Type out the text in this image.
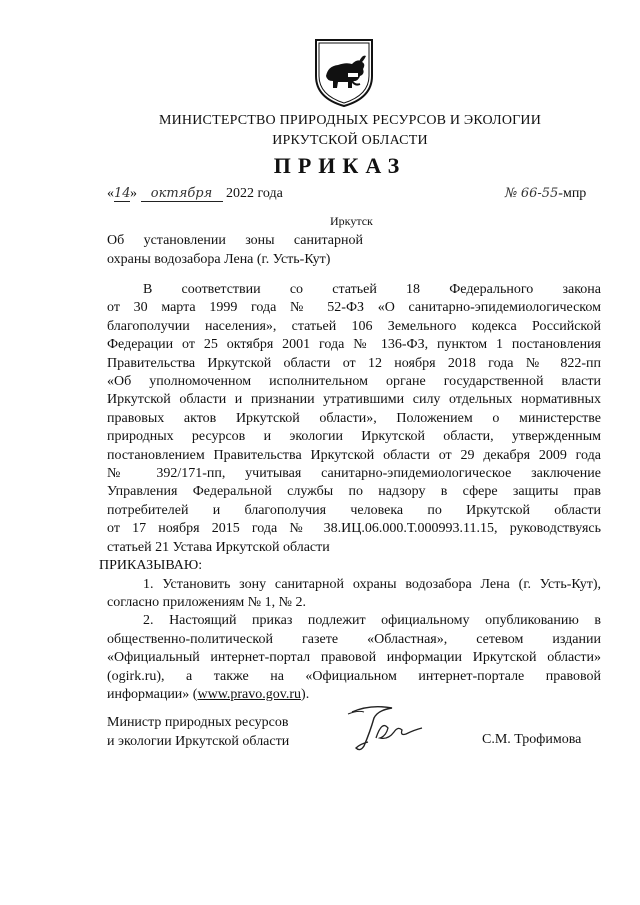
МИНИСТЕРСТВО ПРИРОДНЫХ РЕСУРСОВ И ЭКОЛОГИИ
ИРКУТСКОЙ ОБЛАСТИ
ПРИКАЗ
«14» октября 2022 года	№ 66-55-мпр
Иркутск
Об установлении зоны санитарной
охраны водозабора Лена (г. Усть-Кут)
В соответствии со статьей 18 Федерального закона
от 30 марта 1999 года № 52-ФЗ «О санитарно-эпидемиологическом
благополучии населения», статьей 106 Земельного кодекса Российской
Федерации от 25 октября 2001 года № 136-ФЗ, пунктом 1 постановления
Правительства Иркутской области от 12 ноября 2018 года № 822-пп
«Об уполномоченном исполнительном органе государственной власти
Иркутской области и признании утратившими силу отдельных нормативных
правовых актов Иркутской области», Положением о министерстве
природных ресурсов и экологии Иркутской области, утвержденным
постановлением Правительства Иркутской области от 29 декабря 2009 года
№ 392/171-пп, учитывая санитарно-эпидемиологическое заключение
Управления Федеральной службы по надзору в сфере защиты прав
потребителей и благополучия человека по Иркутской области
от 17 ноября 2015 года № 38.ИЦ.06.000.Т.000993.11.15, руководствуясь
статьей 21 Устава Иркутской области
ПРИКАЗЫВАЮ:
1. Установить зону санитарной охраны водозабора Лена (г. Усть-Кут),
согласно приложениям № 1, № 2.
2. Настоящий приказ подлежит официальному опубликованию в
общественно-политической газете «Областная», сетевом издании
«Официальный интернет-портал правовой информации Иркутской области»
(ogirk.ru), а также на «Официальном интернет-портале правовой
информации» (www.pravo.gov.ru).
Министр природных ресурсов
и экологии Иркутской области	С.М. Трофимова
